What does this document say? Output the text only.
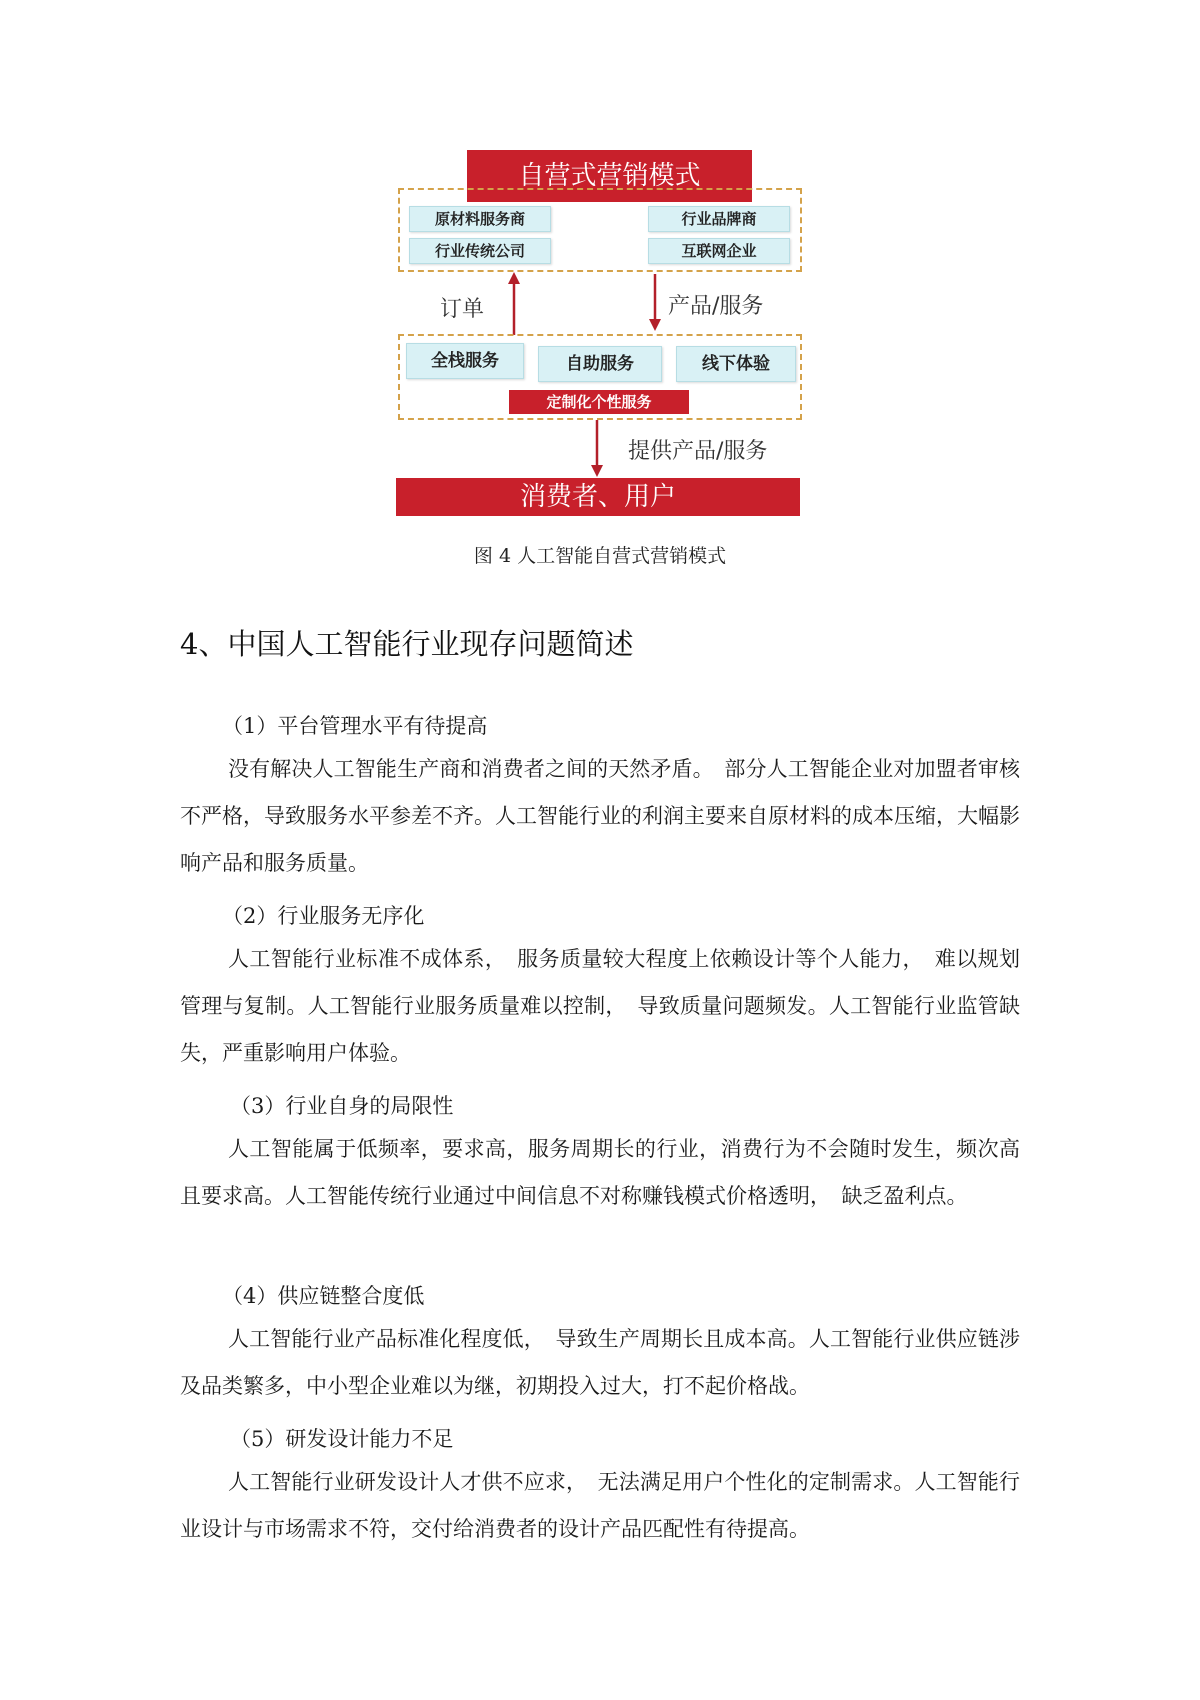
自营式营销模式
原材料服务商	行业品牌商
行业传统公司	互联网企业
订单	产品/服务
全栈服务	自助服务	线下体验
定制化个性服务
提供产品/服务
消费者、用户
图 4 人工智能自营式营销模式
4、中国人工智能行业现存问题简述
（1）平台管理水平有待提高
没有解决人工智能生产商和消费者之间的天然矛盾。　部分人工智能企业对加盟者审核不严格，导致服务水平参差不齐。人工智能行业的利润主要来自原材料的成本压缩，大幅影响产品和服务质量。
（2）行业服务无序化
人工智能行业标准不成体系，　服务质量较大程度上依赖设计等个人能力，　难以规划管理与复制。人工智能行业服务质量难以控制，　导致质量问题频发。人工智能行业监管缺失，严重影响用户体验。
（3）行业自身的局限性
人工智能属于低频率，要求高，服务周期长的行业，消费行为不会随时发生，频次高且要求高。人工智能传统行业通过中间信息不对称赚钱模式价格透明，　缺乏盈利点。
（4）供应链整合度低
人工智能行业产品标准化程度低，　导致生产周期长且成本高。人工智能行业供应链涉及品类繁多，中小型企业难以为继，初期投入过大，打不起价格战。
（5）研发设计能力不足
人工智能行业研发设计人才供不应求，　无法满足用户个性化的定制需求。人工智能行业设计与市场需求不符，交付给消费者的设计产品匹配性有待提高。
